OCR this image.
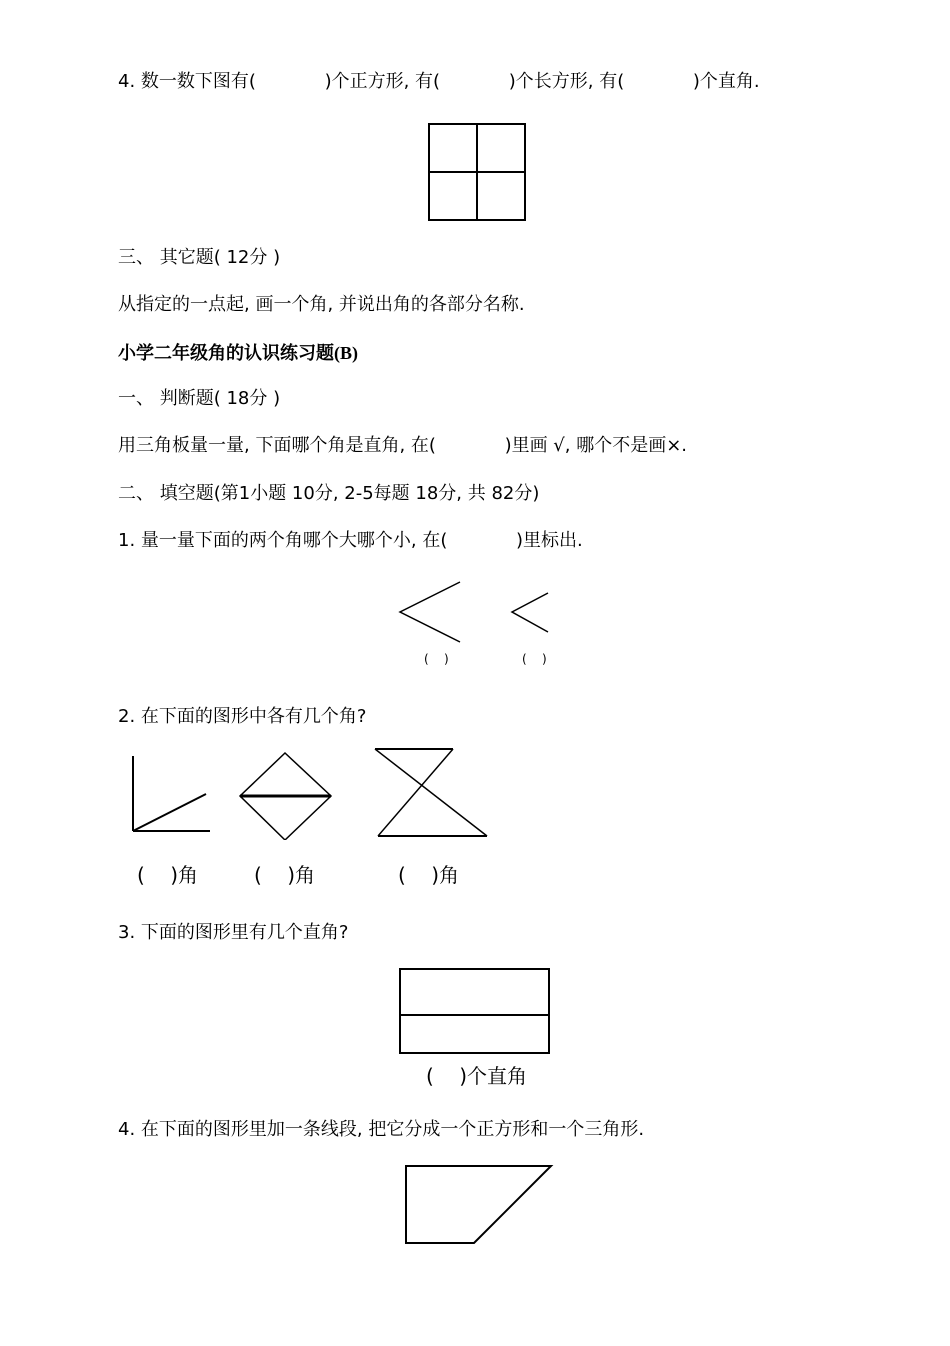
4. 数一数下图有(            )个正方形, 有(            )个长方形, 有(            )个直角.
三、 其它题( 12分 )
从指定的一点起, 画一个角, 并说出角的各部分名称.
小学二年级角的认识练习题(B)
一、 判断题( 18分 )
用三角板量一量, 下面哪个角是直角, 在(            )里画 √, 哪个不是画×.
二、 填空题(第1小题 10分, 2-5每题 18分, 共 82分)
1. 量一量下面的两个角哪个大哪个小, 在(            )里标出.
(    )	(    )
2. 在下面的图形中各有几个角?
(    )角	(    )角	(    )角
3. 下面的图形里有几个直角?
(    )个直角
4. 在下面的图形里加一条线段, 把它分成一个正方形和一个三角形.
